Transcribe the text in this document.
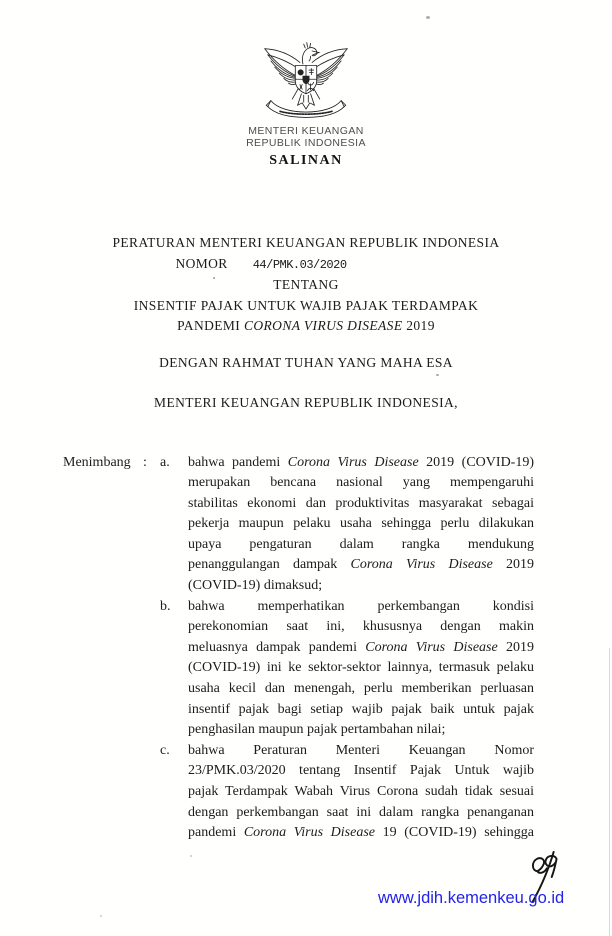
MENTERI KEUANGAN
REPUBLIK INDONESIA
SALINAN
PERATURAN MENTERI KEUANGAN REPUBLIK INDONESIA
NOMOR 44/PMK.03/2020
TENTANG
INSENTIF PAJAK UNTUK WAJIB PAJAK TERDAMPAK
PANDEMI CORONA VIRUS DISEASE 2019
DENGAN RAHMAT TUHAN YANG MAHA ESA
MENTERI KEUANGAN REPUBLIK INDONESIA,
Menimbang : a.	bahwa pandemi Corona Virus Disease 2019 (COVID-19)
merupakan bencana nasional yang mempengaruhi
stabilitas ekonomi dan produktivitas masyarakat sebagai
pekerja maupun pelaku usaha sehingga perlu dilakukan
upaya pengaturan dalam rangka mendukung
penanggulangan dampak Corona Virus Disease 2019
(COVID-19) dimaksud;
b.	bahwa memperhatikan perkembangan kondisi
perekonomian saat ini, khususnya dengan makin
meluasnya dampak pandemi Corona Virus Disease 2019
(COVID-19) ini ke sektor-sektor lainnya, termasuk pelaku
usaha kecil dan menengah, perlu memberikan perluasan
insentif pajak bagi setiap wajib pajak baik untuk pajak
penghasilan maupun pajak pertambahan nilai;
c.	bahwa Peraturan Menteri Keuangan Nomor
23/PMK.03/2020 tentang Insentif Pajak Untuk wajib
pajak Terdampak Wabah Virus Corona sudah tidak sesuai
dengan perkembangan saat ini dalam rangka penanganan
pandemi Corona Virus Disease 19 (COVID-19) sehingga
www.jdih.kemenkeu.go.id
